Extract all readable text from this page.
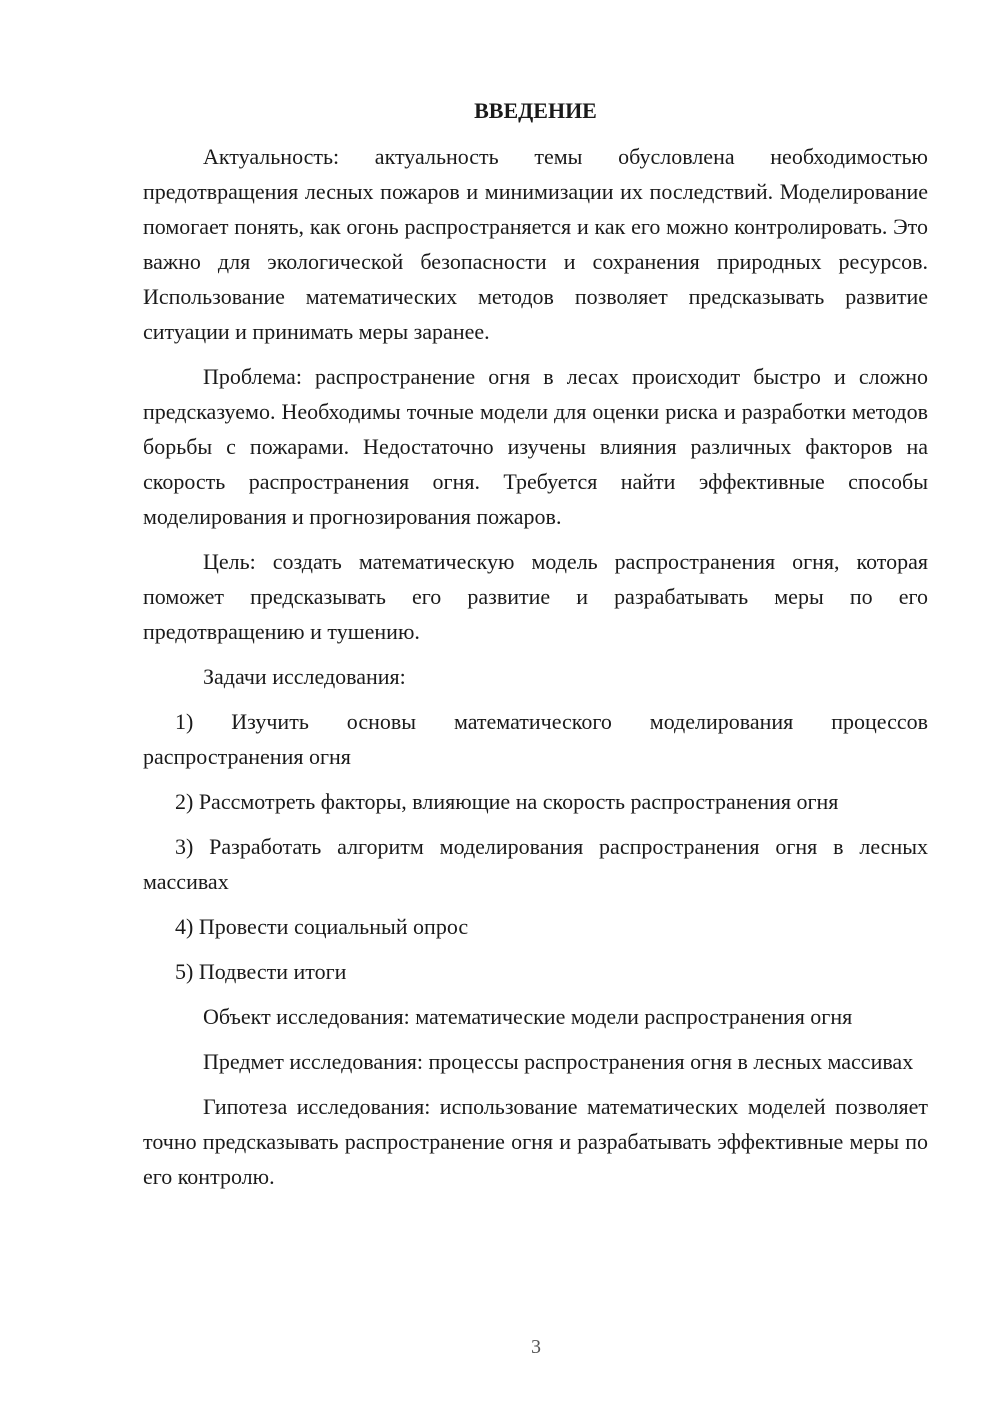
ВВЕДЕНИЕ

Актуальность: актуальность темы обусловлена необходимостью предотвращения лесных пожаров и минимизации их последствий. Моделирование помогает понять, как огонь распространяется и как его можно контролировать. Это важно для экологической безопасности и сохранения природных ресурсов. Использование математических методов позволяет предсказывать развитие ситуации и принимать меры заранее.

Проблема: распространение огня в лесах происходит быстро и сложно предсказуемо. Необходимы точные модели для оценки риска и разработки методов борьбы с пожарами. Недостаточно изучены влияния различных факторов на скорость распространения огня. Требуется найти эффективные способы моделирования и прогнозирования пожаров.

Цель: создать математическую модель распространения огня, которая поможет предсказывать его развитие и разрабатывать меры по его предотвращению и тушению.

Задачи исследования:

1) Изучить основы математического моделирования процессов распространения огня

2) Рассмотреть факторы, влияющие на скорость распространения огня

3) Разработать алгоритм моделирования распространения огня в лесных массивах

4) Провести социальный опрос

5) Подвести итоги

Объект исследования: математические модели распространения огня

Предмет исследования: процессы распространения огня в лесных массивах

Гипотеза исследования: использование математических моделей позволяет точно предсказывать распространение огня и разрабатывать эффективные меры по его контролю.

3
